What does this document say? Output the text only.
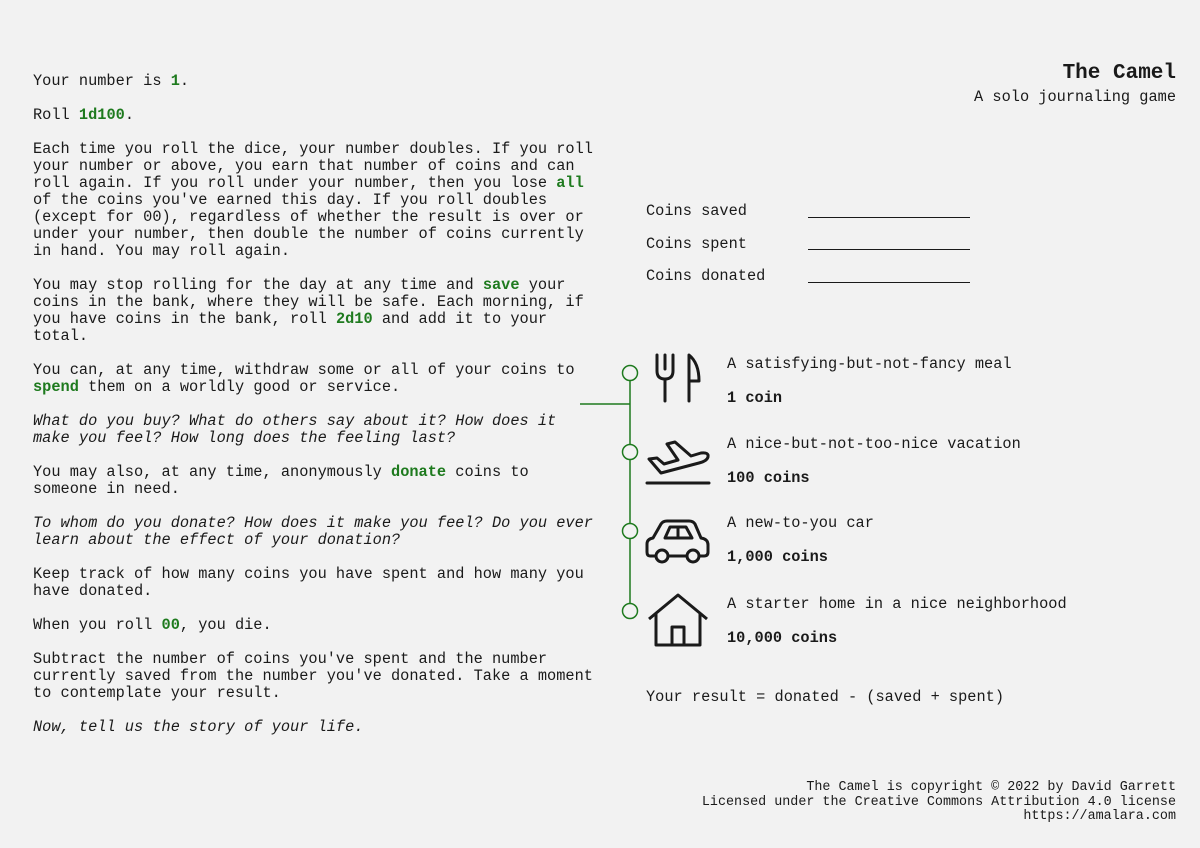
Your number is 1.

Roll 1d100.

Each time you roll the dice, your number doubles. If you roll your number or above, you earn that number of coins and can roll again. If you roll under your number, then you lose all of the coins you've earned this day. If you roll doubles (except for 00), regardless of whether the result is over or under your number, then double the number of coins currently in hand. You may roll again.

You may stop rolling for the day at any time and save your coins in the bank, where they will be safe. Each morning, if you have coins in the bank, roll 2d10 and add it to your total.

You can, at any time, withdraw some or all of your coins to spend them on a worldly good or service.

What do you buy? What do others say about it? How does it make you feel? How long does the feeling last?

You may also, at any time, anonymously donate coins to someone in need.

To whom do you donate? How does it make you feel? Do you ever learn about the effect of your donation?

Keep track of how many coins you have spent and how many you have donated.

When you roll 00, you die.

Subtract the number of coins you've spent and the number currently saved from the number you've donated. Take a moment to contemplate your result.

Now, tell us the story of your life.

The Camel
A solo journaling game
Coins saved
Coins spent
Coins donated
A satisfying-but-not-fancy meal
1 coin
A nice-but-not-too-nice vacation
100 coins
A new-to-you car
1,000 coins
A starter home in a nice neighborhood
10,000 coins
Your result = donated - (saved + spent)
The Camel is copyright © 2022 by David Garrett
Licensed under the Creative Commons Attribution 4.0 license
https://amalara.com
